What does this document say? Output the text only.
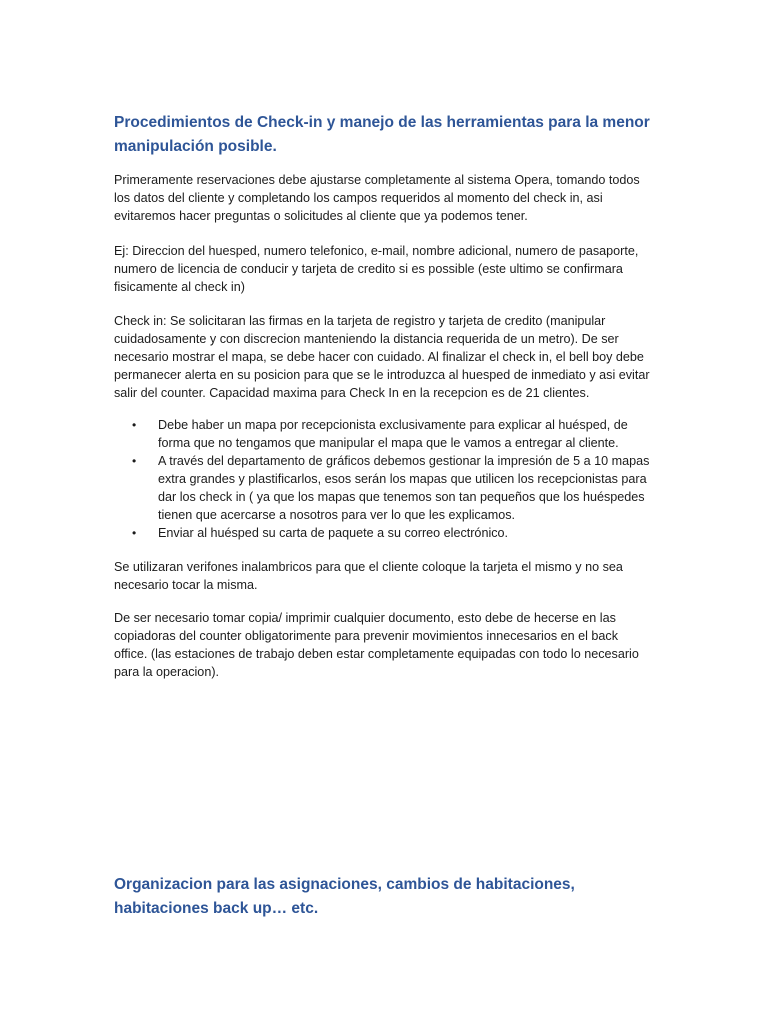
Procedimientos de Check-in y manejo de las herramientas para la menor manipulación posible.

Primeramente reservaciones debe ajustarse completamente al sistema Opera, tomando todos los datos del cliente y completando los campos requeridos al momento del check in, asi evitaremos hacer preguntas o solicitudes al cliente que ya podemos tener.

Ej: Direccion del huesped, numero telefonico, e-mail, nombre adicional, numero de pasaporte, numero de licencia de conducir y tarjeta de credito si es possible (este ultimo se confirmara fisicamente al check in)

Check in: Se solicitaran las firmas en la tarjeta de registro y tarjeta de credito (manipular cuidadosamente y con discrecion manteniendo la distancia requerida de un metro). De ser necesario mostrar el mapa, se debe hacer con cuidado. Al finalizar el check in, el bell boy debe permanecer alerta en su posicion para que se le introduzca al huesped de inmediato y asi evitar salir del counter. Capacidad maxima para Check In en la recepcion es de 21 clientes.

• Debe haber un mapa por recepcionista exclusivamente para explicar al huésped, de forma que no tengamos que manipular el mapa que le vamos a entregar al cliente.
• A través del departamento de gráficos debemos gestionar la impresión de 5 a 10 mapas extra grandes y plastificarlos, esos serán los mapas que utilicen los recepcionistas para dar los check in ( ya que los mapas que tenemos son tan pequeños que los huéspedes tienen que acercarse a nosotros para ver lo que les explicamos.
• Enviar al huésped su carta de paquete a su correo electrónico.

Se utilizaran verifones inalambricos para que el cliente coloque la tarjeta el mismo y no sea necesario tocar la misma.

De ser necesario tomar copia/ imprimir cualquier documento, esto debe de hecerse en las copiadoras del counter obligatorimente para prevenir movimientos innecesarios en el back office. (las estaciones de trabajo deben estar completamente equipadas con todo lo necesario para la operacion).

Organizacion para las asignaciones, cambios de habitaciones, habitaciones back up… etc.
